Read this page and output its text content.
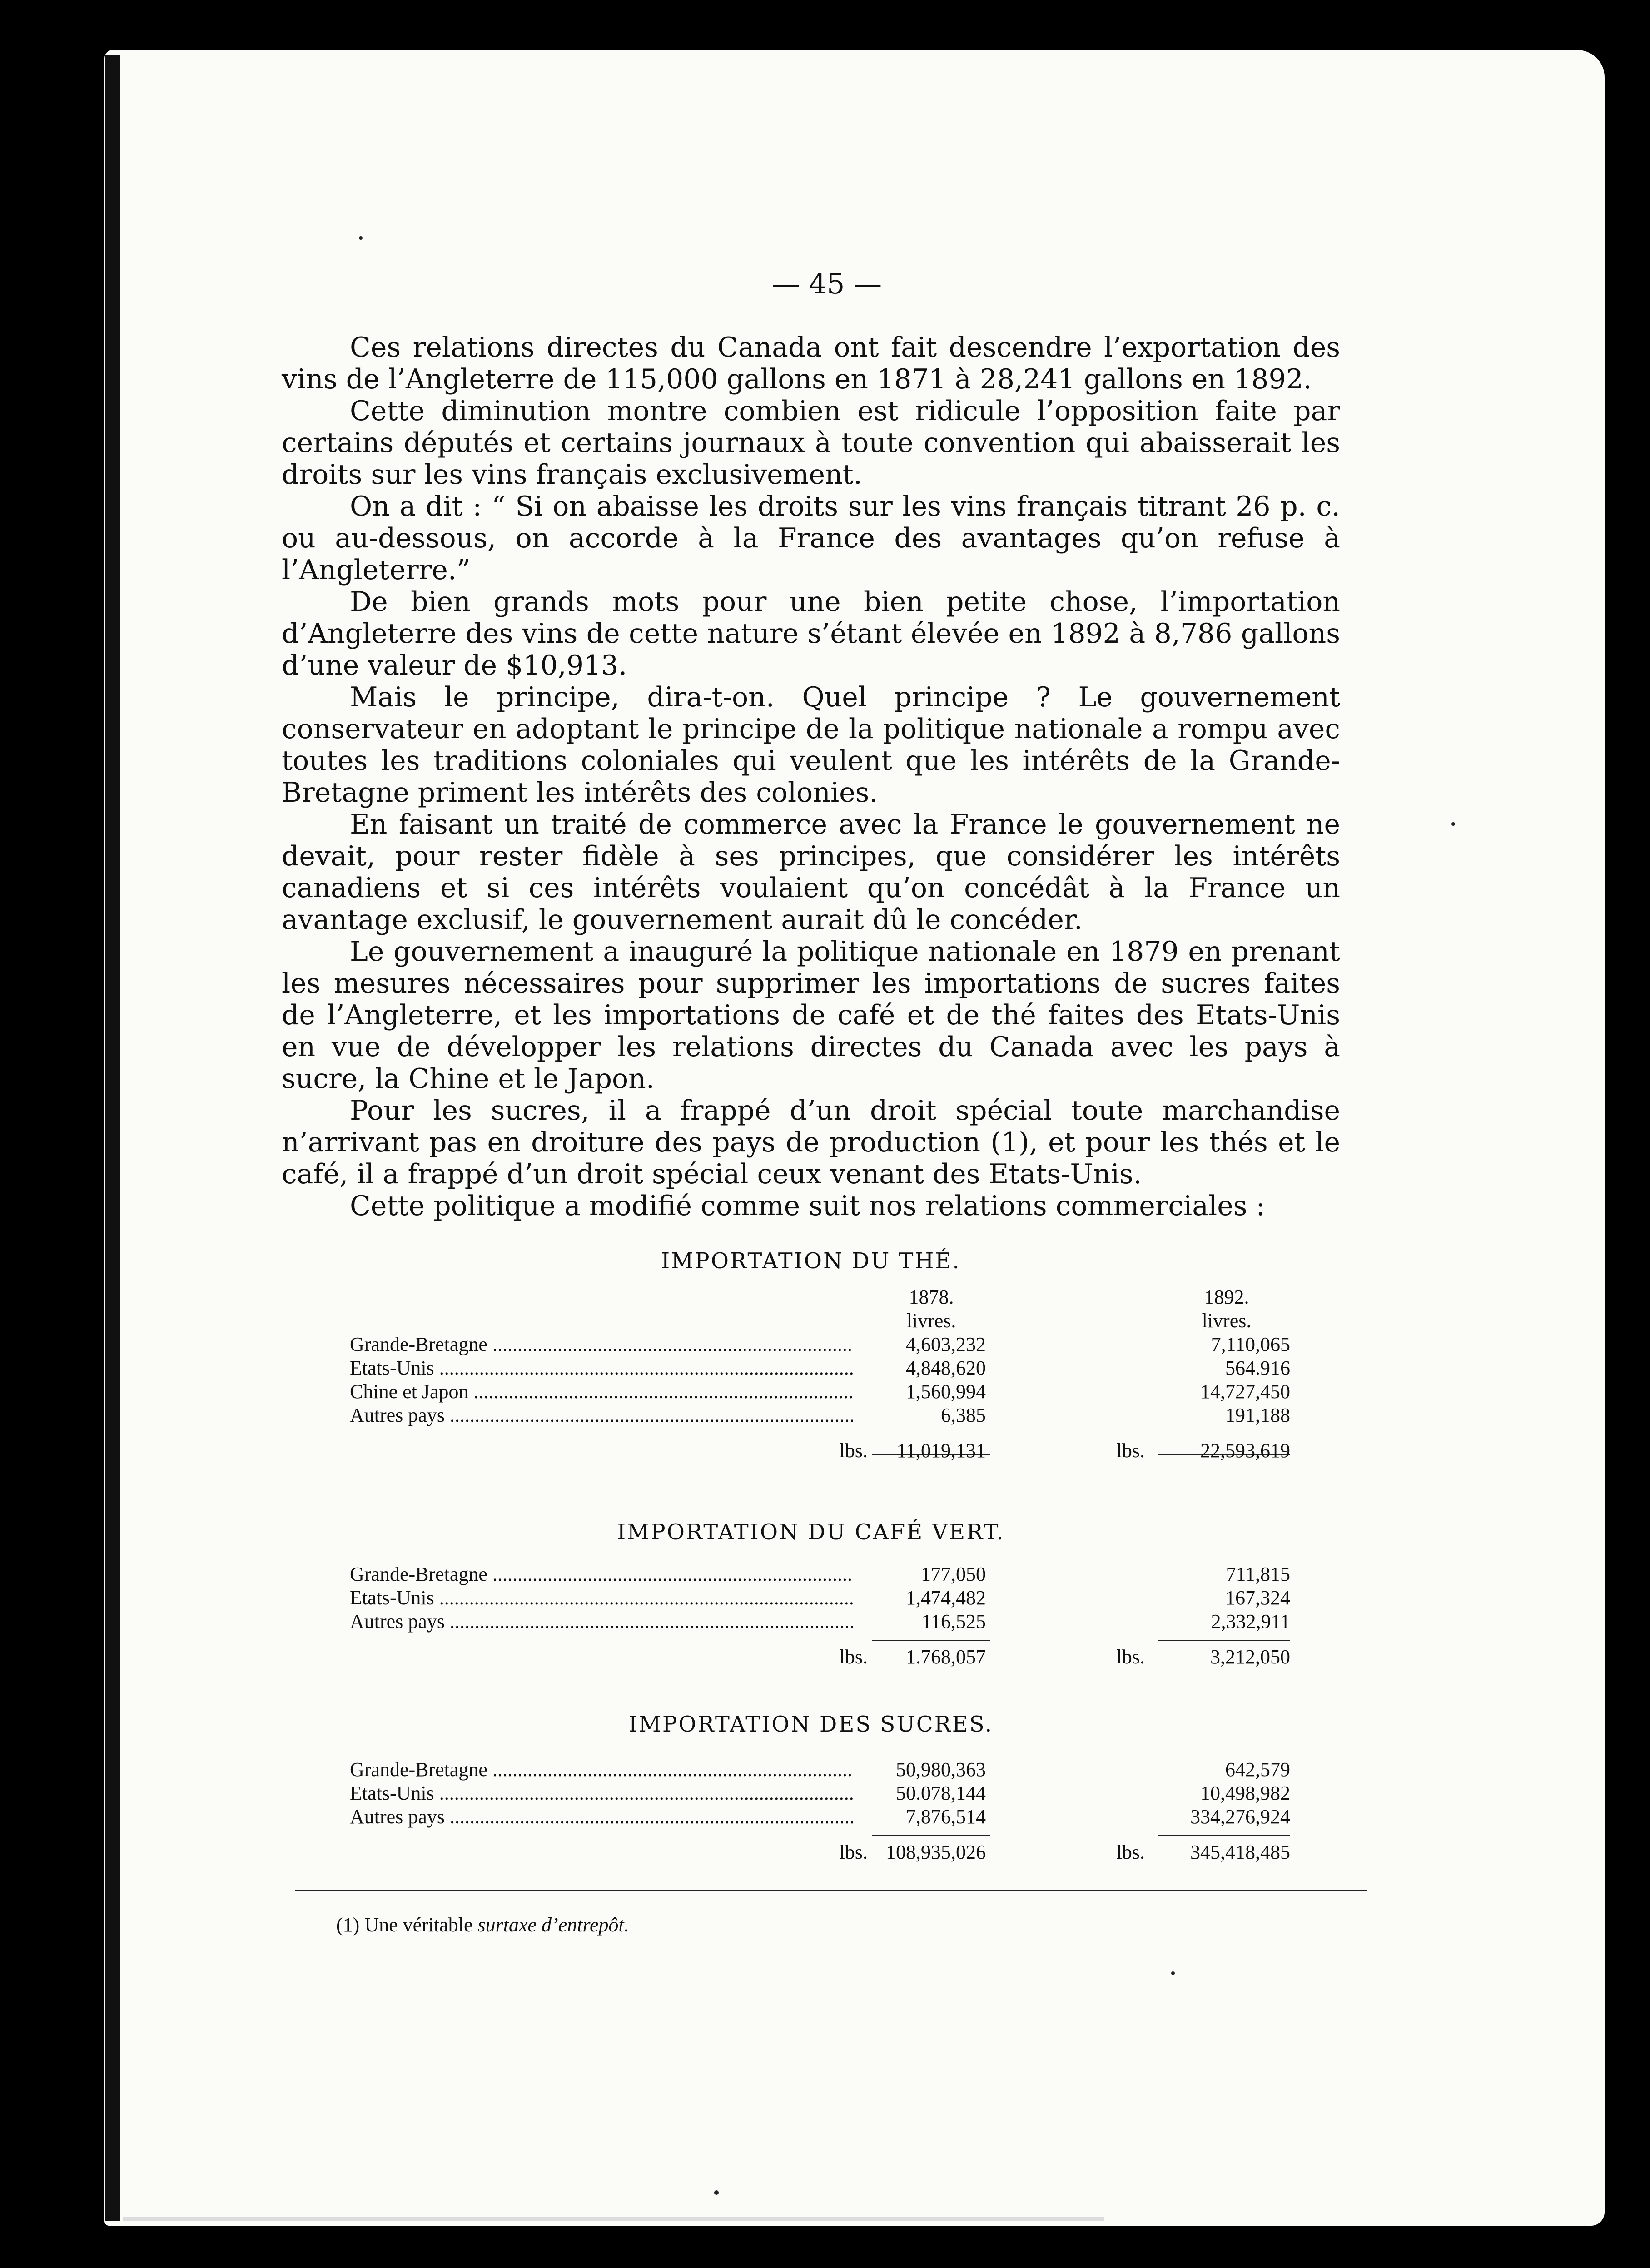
— 45 —

Ces relations directes du Canada ont fait descendre l’exportation des vins de l’Angleterre de 115,000 gallons en 1871 à 28,241 gallons en 1892.

Cette diminution montre combien est ridicule l’opposition faite par certains députés et certains journaux à toute convention qui abaisserait les droits sur les vins français exclusivement.

On a dit : “ Si on abaisse les droits sur les vins français titrant 26 p. c. ou au-dessous, on accorde à la France des avantages qu’on refuse à l’Angleterre.”

De bien grands mots pour une bien petite chose, l’importation d’Angleterre des vins de cette nature s’étant élevée en 1892 à 8,786 gallons d’une valeur de $10,913.

Mais le principe, dira-t-on. Quel principe ? Le gouvernement conservateur en adoptant le principe de la politique nationale a rompu avec toutes les traditions coloniales qui veulent que les intérêts de la Grande-Bretagne priment les intérêts des colonies.

En faisant un traité de commerce avec la France le gouvernement ne devait, pour rester fidèle à ses principes, que considérer les intérêts canadiens et si ces intérêts voulaient qu’on concédât à la France un avantage exclusif, le gouvernement aurait dû le concéder.

Le gouvernement a inauguré la politique nationale en 1879 en prenant les mesures nécessaires pour supprimer les importations de sucres faites de l’Angleterre, et les importations de café et de thé faites des Etats-Unis en vue de développer les relations directes du Canada avec les pays à sucre, la Chine et le Japon.

Pour les sucres, il a frappé d’un droit spécial toute marchandise n’arrivant pas en droiture des pays de production (1), et pour les thés et le café, il a frappé d’un droit spécial ceux venant des Etats-Unis.

Cette politique a modifié comme suit nos relations commerciales :

IMPORTATION DU THÉ.
1878.	1892.
livres.	livres.
Grande-Bretagne .....	4,603,232	7,110,065
Etats-Unis .....	4,848,620	564.916
Chine et Japon .....	1,560,994	14,727,450
Autres pays .....	6,385	191,188
lbs.	11,019,131	lbs.	22,593,619
IMPORTATION DU CAFÉ VERT.
Grande-Bretagne .....	177,050	711,815
Etats-Unis .....	1,474,482	167,324
Autres pays .....	116,525	2,332,911
lbs.	1.768,057	lbs.	3,212,050
IMPORTATION DES SUCRES.
Grande-Bretagne .....	50,980,363	642,579
Etats-Unis .....	50.078,144	10,498,982
Autres pays .....	7,876,514	334,276,924
lbs. 108,935,026	lbs.	345,418,485
(1) Une véritable surtaxe d’entrepôt.
